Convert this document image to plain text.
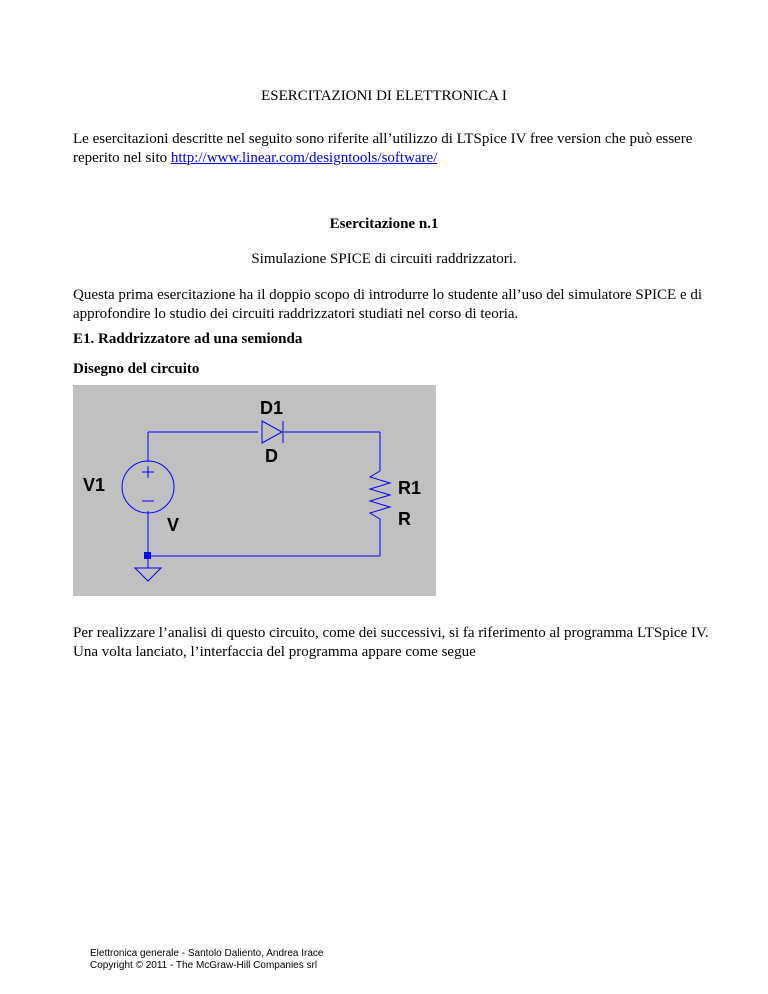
ESERCITAZIONI DI ELETTRONICA I
Le esercitazioni descritte nel seguito sono riferite all’utilizzo di LTSpice IV free version che può essere reperito nel sito http://www.linear.com/designtools/software/
Esercitazione n.1
Simulazione SPICE di circuiti raddrizzatori.
Questa prima esercitazione ha il doppio scopo di introdurre lo studente all’uso del simulatore SPICE e di approfondire lo studio dei circuiti raddrizzatori studiati nel corso di teoria.
E1. Raddrizzatore ad una semionda
Disegno del circuito
D1
D
V1
V
R1
R
Per realizzare l’analisi di questo circuito, come dei successivi, si fa riferimento al programma LTSpice IV. Una volta lanciato, l’interfaccia del programma appare come segue
Elettronica generale - Santolo Daliento, Andrea Irace
Copyright © 2011 - The McGraw-Hill Companies srl
